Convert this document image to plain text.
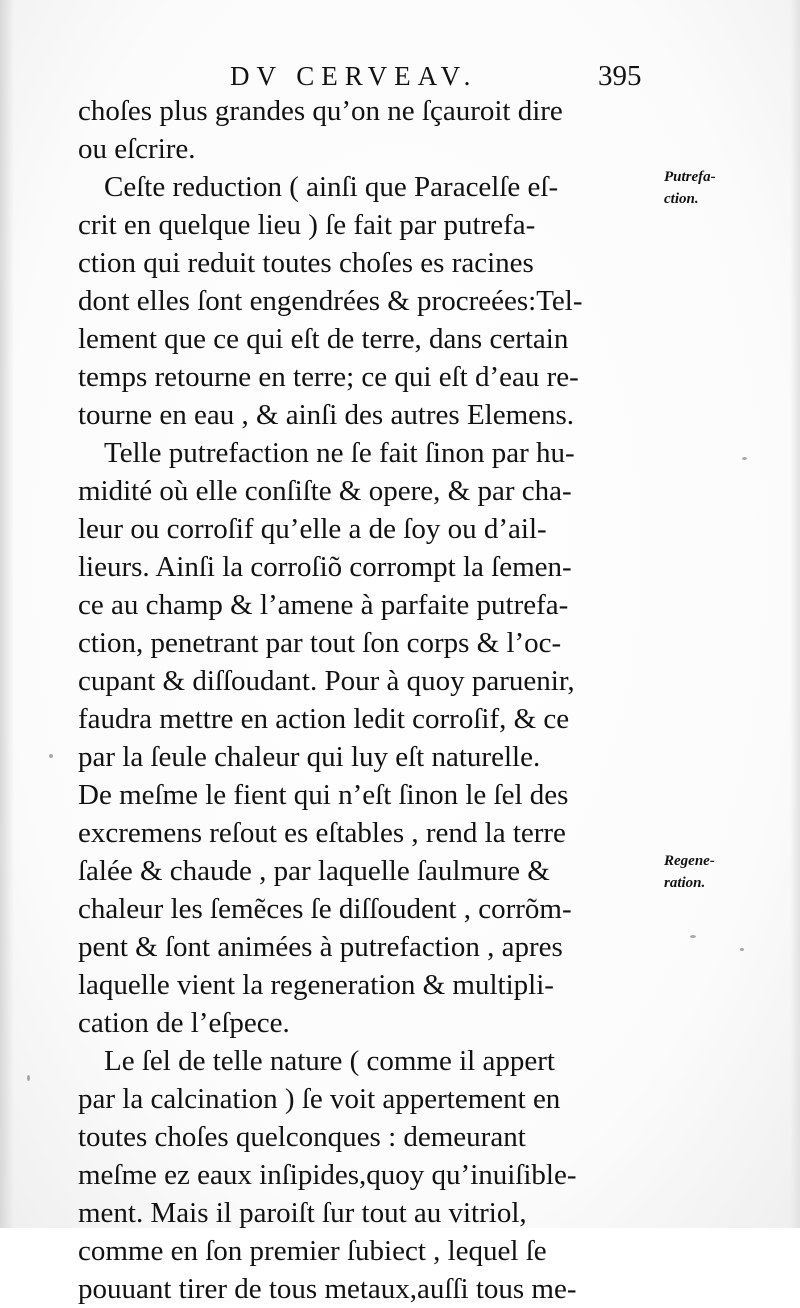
DV CERVEAV.	395
choſes plus grandes qu’on ne ſçauroit dire
ou eſcrire.
Ceſte reduction ( ainſi que Paracelſe eſ-
crit en quelque lieu ) ſe fait par putrefa-
ction qui reduit toutes choſes es racines
dont elles ſont engendrées & procreées:Tel-
lement que ce qui eſt de terre, dans certain
temps retourne en terre; ce qui eſt d’eau re-
tourne en eau , & ainſi des autres Elemens.
Telle putrefaction ne ſe fait ſinon par hu-
midité où elle conſiſte & opere, & par cha-
leur ou corroſif qu’elle a de ſoy ou d’ail-
lieurs. Ainſi la corroſiõ corrompt la ſemen-
ce au champ & l’amene à parfaite putrefa-
ction, penetrant par tout ſon corps & l’oc-
cupant & diſſoudant. Pour à quoy paruenir,
faudra mettre en action ledit corroſif, & ce
par la ſeule chaleur qui luy eſt naturelle.
De meſme le fient qui n’eſt ſinon le ſel des
excremens reſout es eſtables , rend la terre
ſalée & chaude , par laquelle ſaulmure &
chaleur les ſemẽces ſe diſſoudent , corrõm-
pent & ſont animées à putrefaction , apres
laquelle vient la regeneration & multipli-
cation de l’eſpece.
Le ſel de telle nature ( comme il appert
par la calcination ) ſe voit appertement en
toutes choſes quelconques : demeurant
meſme ez eaux inſipides,quoy qu’inuiſible-
ment. Mais il paroiſt ſur tout au vitriol,
comme en ſon premier ſubiect , lequel ſe
pouuant tirer de tous metaux,auſſi tous me-
Putrefa-
ction.
Regene-
ration.
